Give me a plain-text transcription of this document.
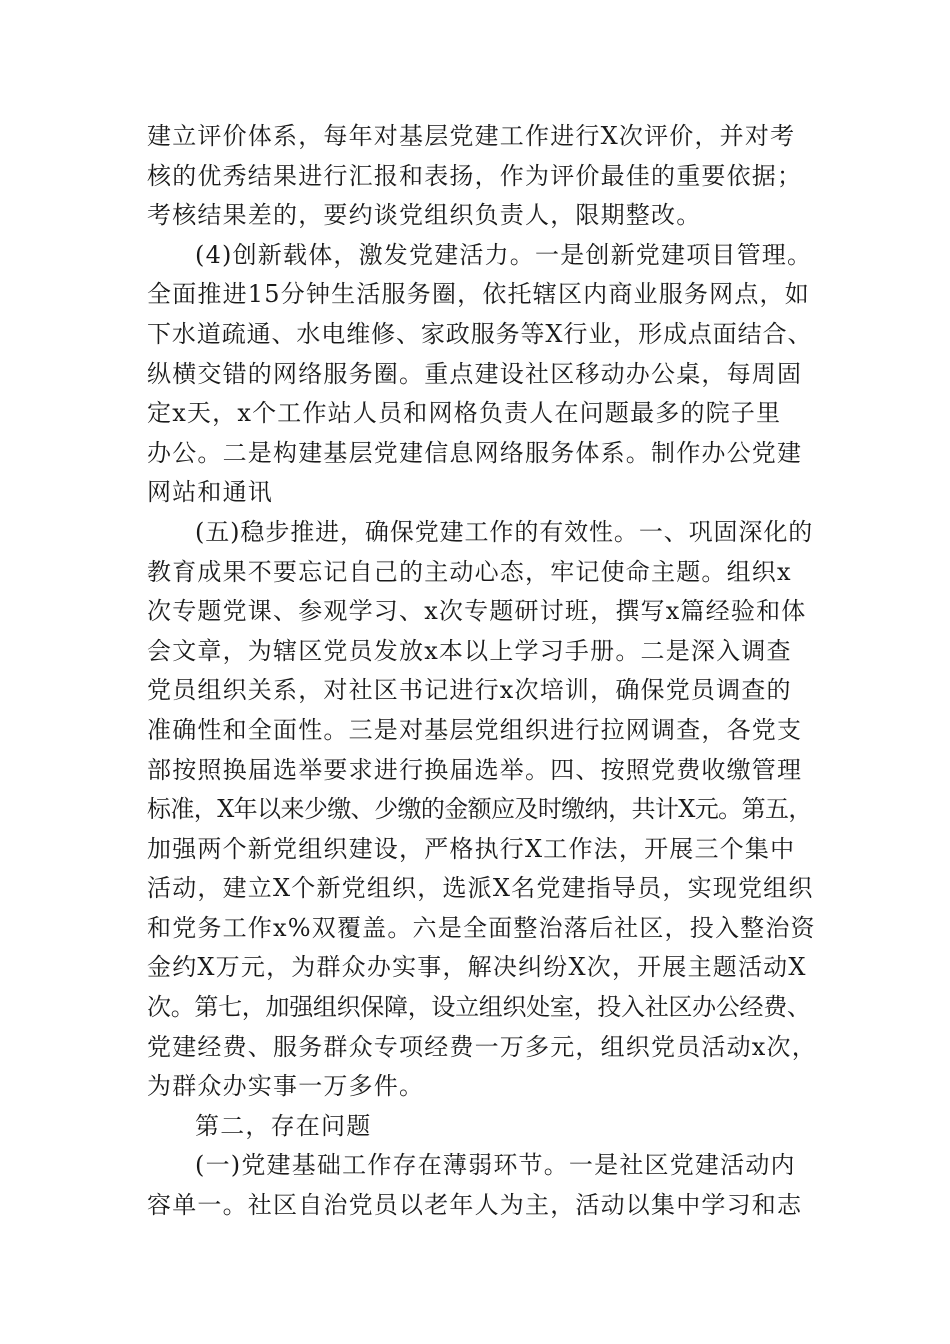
建立评价体系，每年对基层党建工作进行X次评价，并对考
核的优秀结果进行汇报和表扬，作为评价最佳的重要依据；
考核结果差的，要约谈党组织负责人，限期整改。
(4)创新载体，激发党建活力。一是创新党建项目管理。
全面推进15分钟生活服务圈，依托辖区内商业服务网点，如
下水道疏通、水电维修、家政服务等X行业，形成点面结合、
纵横交错的网络服务圈。重点建设社区移动办公桌，每周固
定x天，x个工作站人员和网格负责人在问题最多的院子里
办公。二是构建基层党建信息网络服务体系。制作办公党建
网站和通讯
(五)稳步推进，确保党建工作的有效性。一、巩固深化的
教育成果不要忘记自己的主动心态，牢记使命主题。组织x
次专题党课、参观学习、x次专题研讨班，撰写x篇经验和体
会文章，为辖区党员发放x本以上学习手册。二是深入调查
党员组织关系，对社区书记进行x次培训，确保党员调查的
准确性和全面性。三是对基层党组织进行拉网调查，各党支
部按照换届选举要求进行换届选举。四、按照党费收缴管理
标准，X年以来少缴、少缴的金额应及时缴纳，共计X元。第五，
加强两个新党组织建设，严格执行X工作法，开展三个集中
活动，建立X个新党组织，选派X名党建指导员，实现党组织
和党务工作x%双覆盖。六是全面整治落后社区，投入整治资
金约X万元，为群众办实事，解决纠纷X次，开展主题活动X
次。第七，加强组织保障，设立组织处室，投入社区办公经费、
党建经费、服务群众专项经费一万多元，组织党员活动x次，
为群众办实事一万多件。
第二，存在问题
(一)党建基础工作存在薄弱环节。一是社区党建活动内
容单一。社区自治党员以老年人为主，活动以集中学习和志
